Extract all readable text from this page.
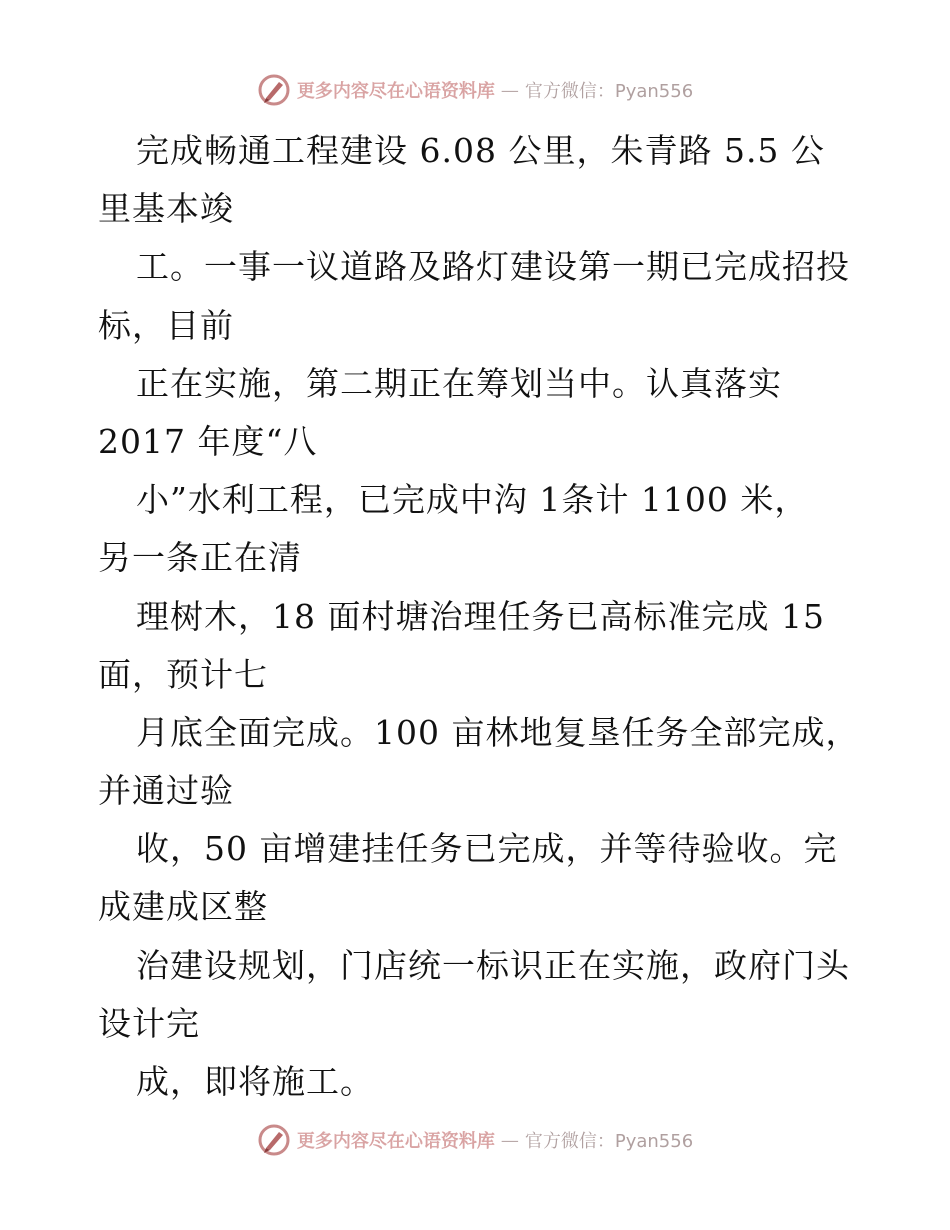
更多内容尽在心语资料库 — 官方微信：Pyan556
完成畅通工程建设 6.08 公里，朱青路 5.5 公
里基本竣
工。一事一议道路及路灯建设第一期已完成招投
标，目前
正在实施，第二期正在筹划当中。认真落实
2017 年度“八
小”水利工程，已完成中沟 1条计 1100 米，
另一条正在清
理树木，18 面村塘治理任务已高标准完成 15
面，预计七
月底全面完成。100 亩林地复垦任务全部完成，
并通过验
收，50 亩增建挂任务已完成，并等待验收。完
成建成区整
治建设规划，门店统一标识正在实施，政府门头
设计完
成，即将施工。
更多内容尽在心语资料库 — 官方微信：Pyan556
